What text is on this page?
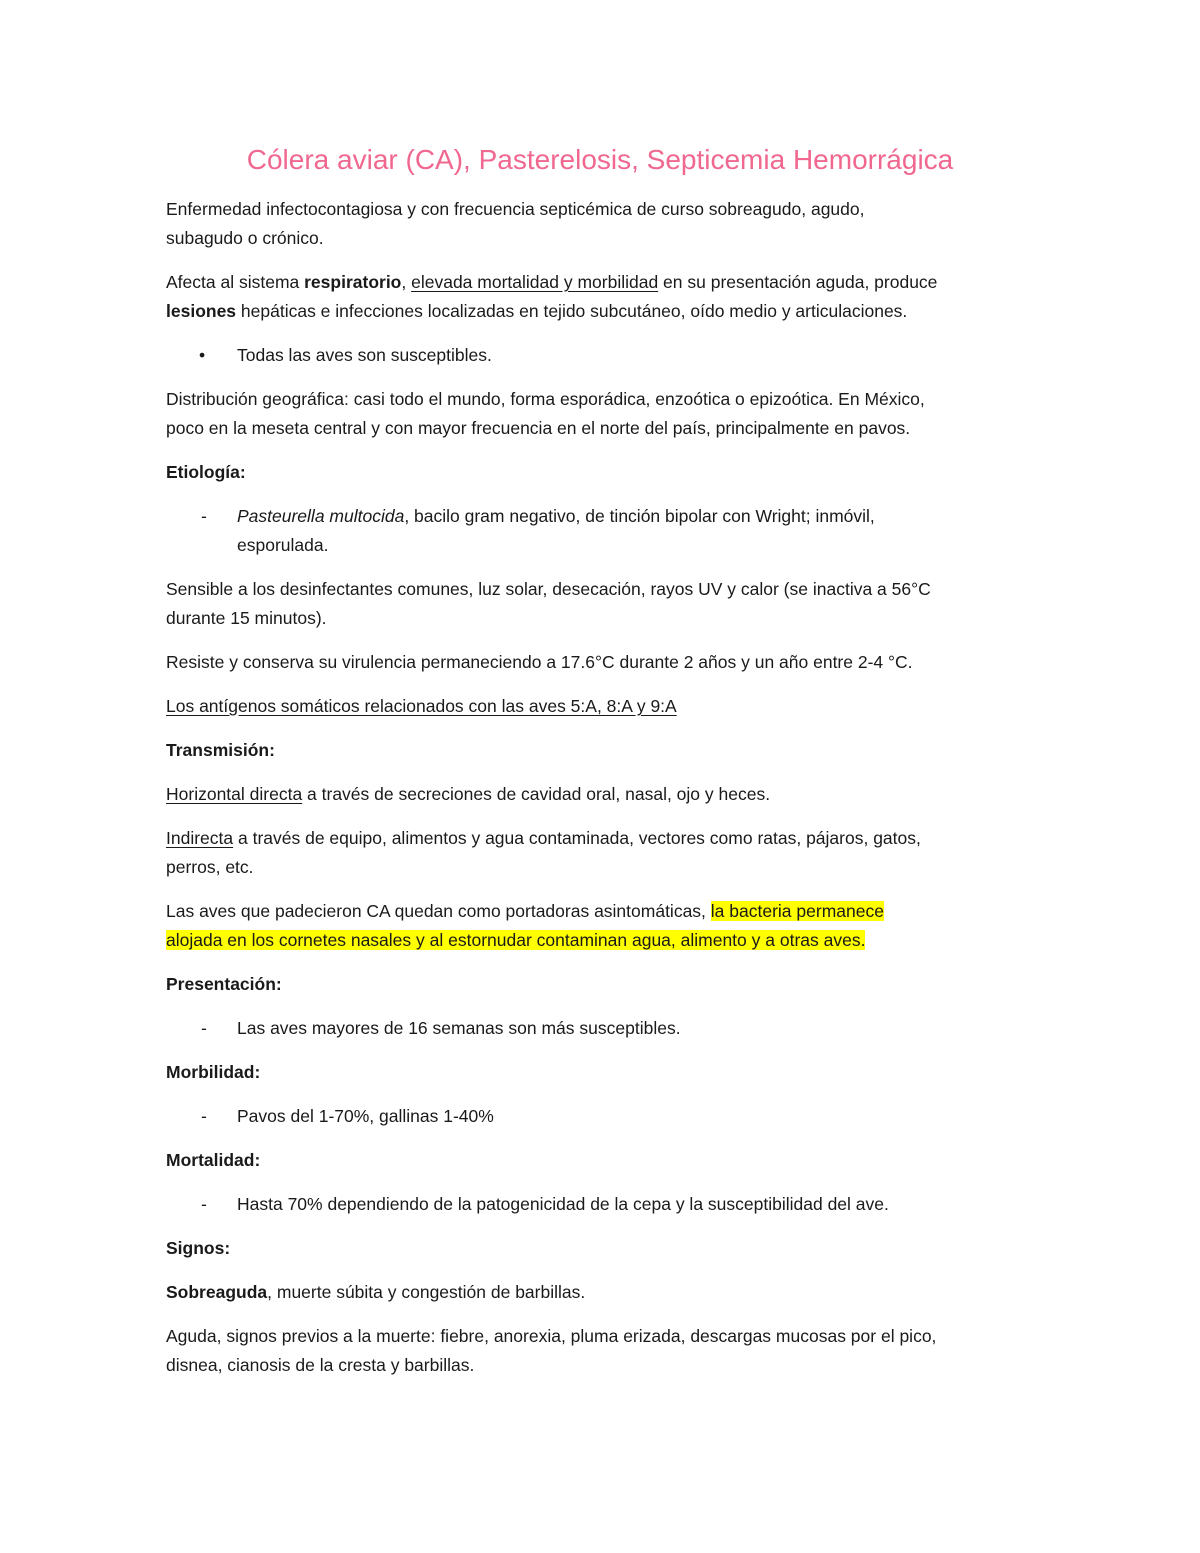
Cólera aviar (CA), Pasterelosis, Septicemia Hemorrágica
Enfermedad infectocontagiosa y con frecuencia septicémica de curso sobreagudo, agudo,
subagudo o crónico.
Afecta al sistema respiratorio, elevada mortalidad y morbilidad en su presentación aguda, produce
lesiones hepáticas e infecciones localizadas en tejido subcutáneo, oído medio y articulaciones.
• Todas las aves son susceptibles.
Distribución geográfica: casi todo el mundo, forma esporádica, enzoótica o epizoótica. En México,
poco en la meseta central y con mayor frecuencia en el norte del país, principalmente en pavos.
Etiología:
- Pasteurella multocida, bacilo gram negativo, de tinción bipolar con Wright; inmóvil,
esporulada.
Sensible a los desinfectantes comunes, luz solar, desecación, rayos UV y calor (se inactiva a 56°C
durante 15 minutos).
Resiste y conserva su virulencia permaneciendo a 17.6°C durante 2 años y un año entre 2-4 °C.
Los antígenos somáticos relacionados con las aves 5:A, 8:A y 9:A
Transmisión:
Horizontal directa a través de secreciones de cavidad oral, nasal, ojo y heces.
Indirecta a través de equipo, alimentos y agua contaminada, vectores como ratas, pájaros, gatos,
perros, etc.
Las aves que padecieron CA quedan como portadoras asintomáticas, la bacteria permanece
alojada en los cornetes nasales y al estornudar contaminan agua, alimento y a otras aves.
Presentación:
- Las aves mayores de 16 semanas son más susceptibles.
Morbilidad:
- Pavos del 1-70%, gallinas 1-40%
Mortalidad:
- Hasta 70% dependiendo de la patogenicidad de la cepa y la susceptibilidad del ave.
Signos:
Sobreaguda, muerte súbita y congestión de barbillas.
Aguda, signos previos a la muerte: fiebre, anorexia, pluma erizada, descargas mucosas por el pico,
disnea, cianosis de la cresta y barbillas.
